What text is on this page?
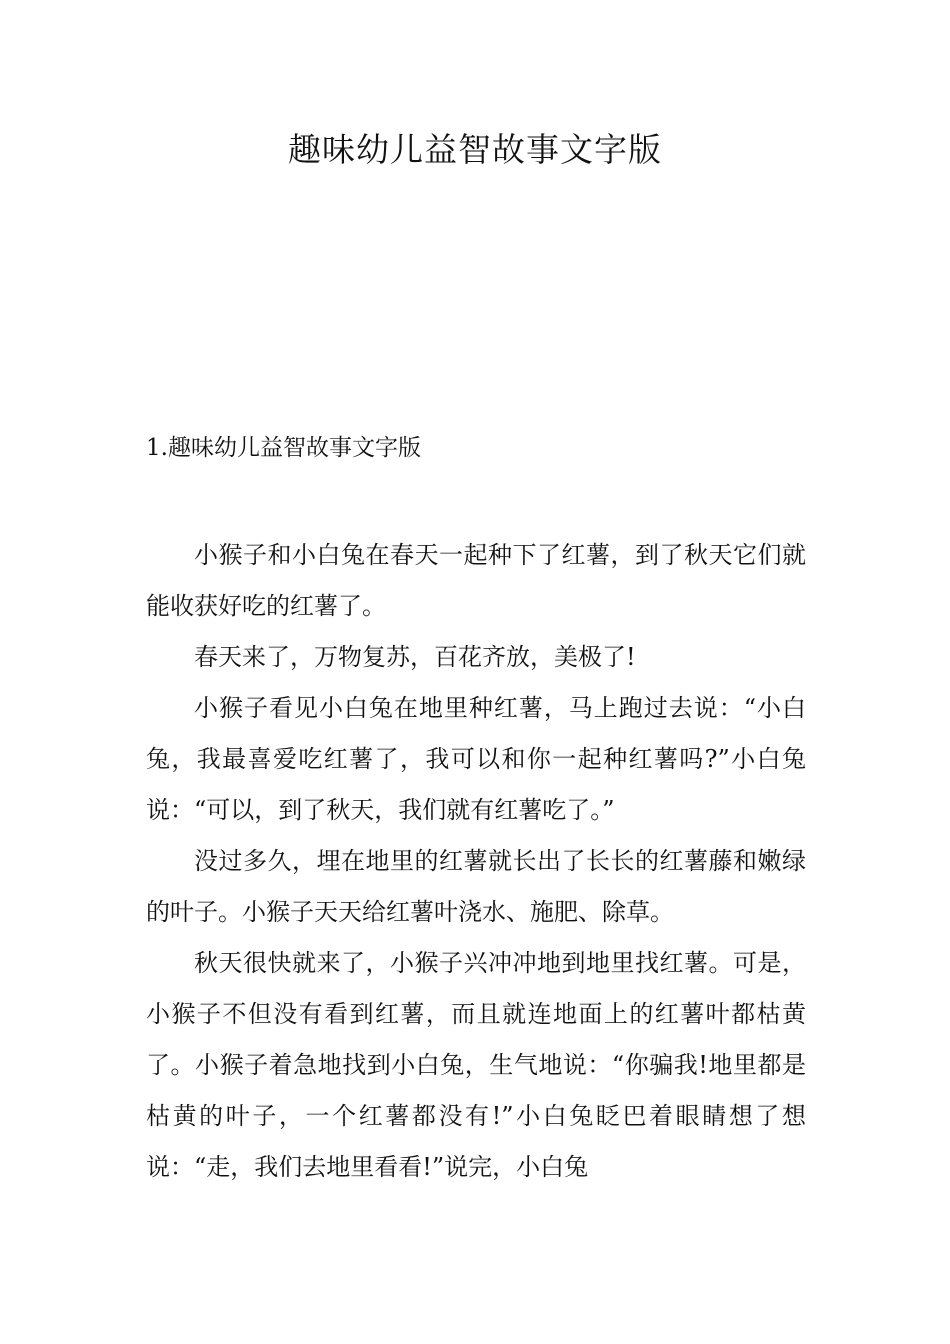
趣味幼儿益智故事文字版
1.趣味幼儿益智故事文字版

小猴子和小白兔在春天一起种下了红薯，到了秋天它们就能收获好吃的红薯了。

春天来了，万物复苏，百花齐放，美极了!

小猴子看见小白兔在地里种红薯，马上跑过去说：“小白兔，我最喜爱吃红薯了，我可以和你一起种红薯吗?”小白兔说：“可以，到了秋天，我们就有红薯吃了。”

没过多久，埋在地里的红薯就长出了长长的红薯藤和嫩绿的叶子。小猴子天天给红薯叶浇水、施肥、除草。

秋天很快就来了，小猴子兴冲冲地到地里找红薯。可是，小猴子不但没有看到红薯，而且就连地面上的红薯叶都枯黄了。小猴子着急地找到小白兔，生气地说：“你骗我!地里都是枯黄的叶子，一个红薯都没有!”小白兔眨巴着眼睛想了想说：“走，我们去地里看看!”说完，小白兔
